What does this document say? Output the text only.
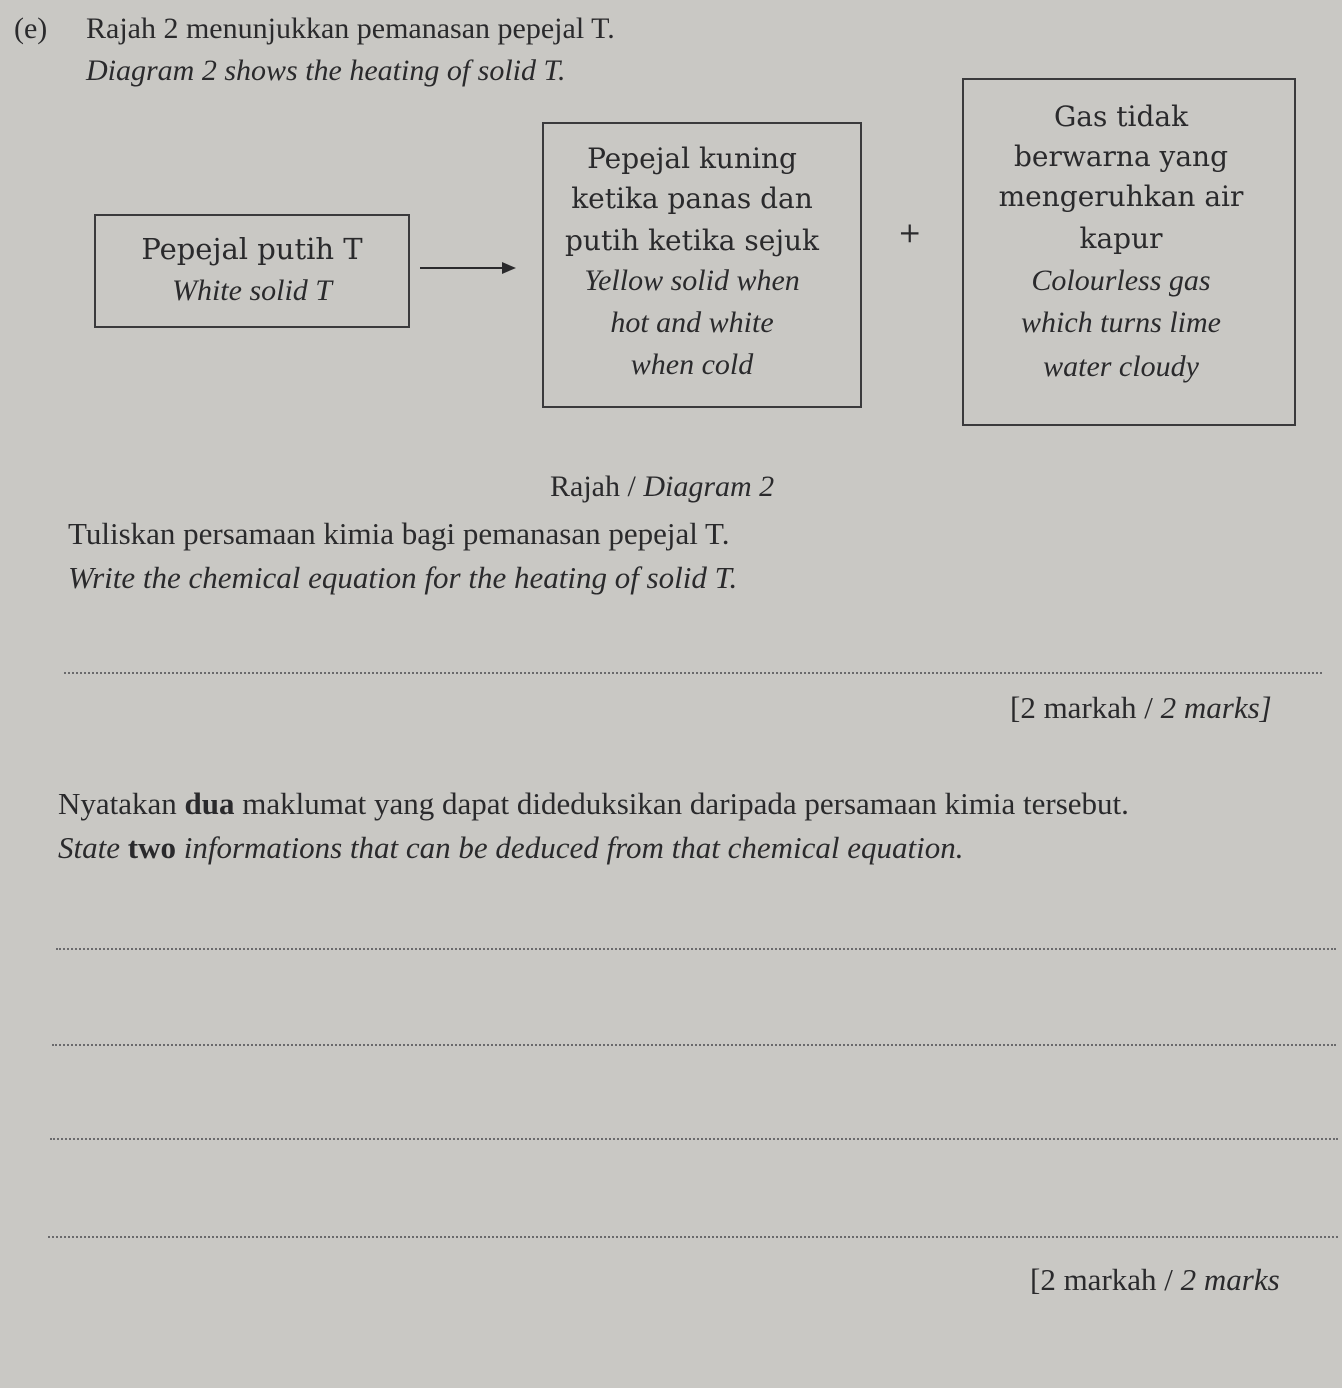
(e) Rajah 2 menunjukkan pemanasan pepejal T.
Diagram 2 shows the heating of solid T.
Pepejal putih T
White solid T
Pepejal kuning
ketika panas dan
putih ketika sejuk
Yellow solid when
hot and white
when cold
+
Gas tidak
berwarna yang
mengeruhkan air
kapur
Colourless gas
which turns lime
water cloudy
Rajah / Diagram 2
Tuliskan persamaan kimia bagi pemanasan pepejal T.
Write the chemical equation for the heating of solid T.
[2 markah / 2 marks]
Nyatakan dua maklumat yang dapat dideduksikan daripada persamaan kimia tersebut.
State two informations that can be deduced from that chemical equation.
[2 markah / 2 marks
